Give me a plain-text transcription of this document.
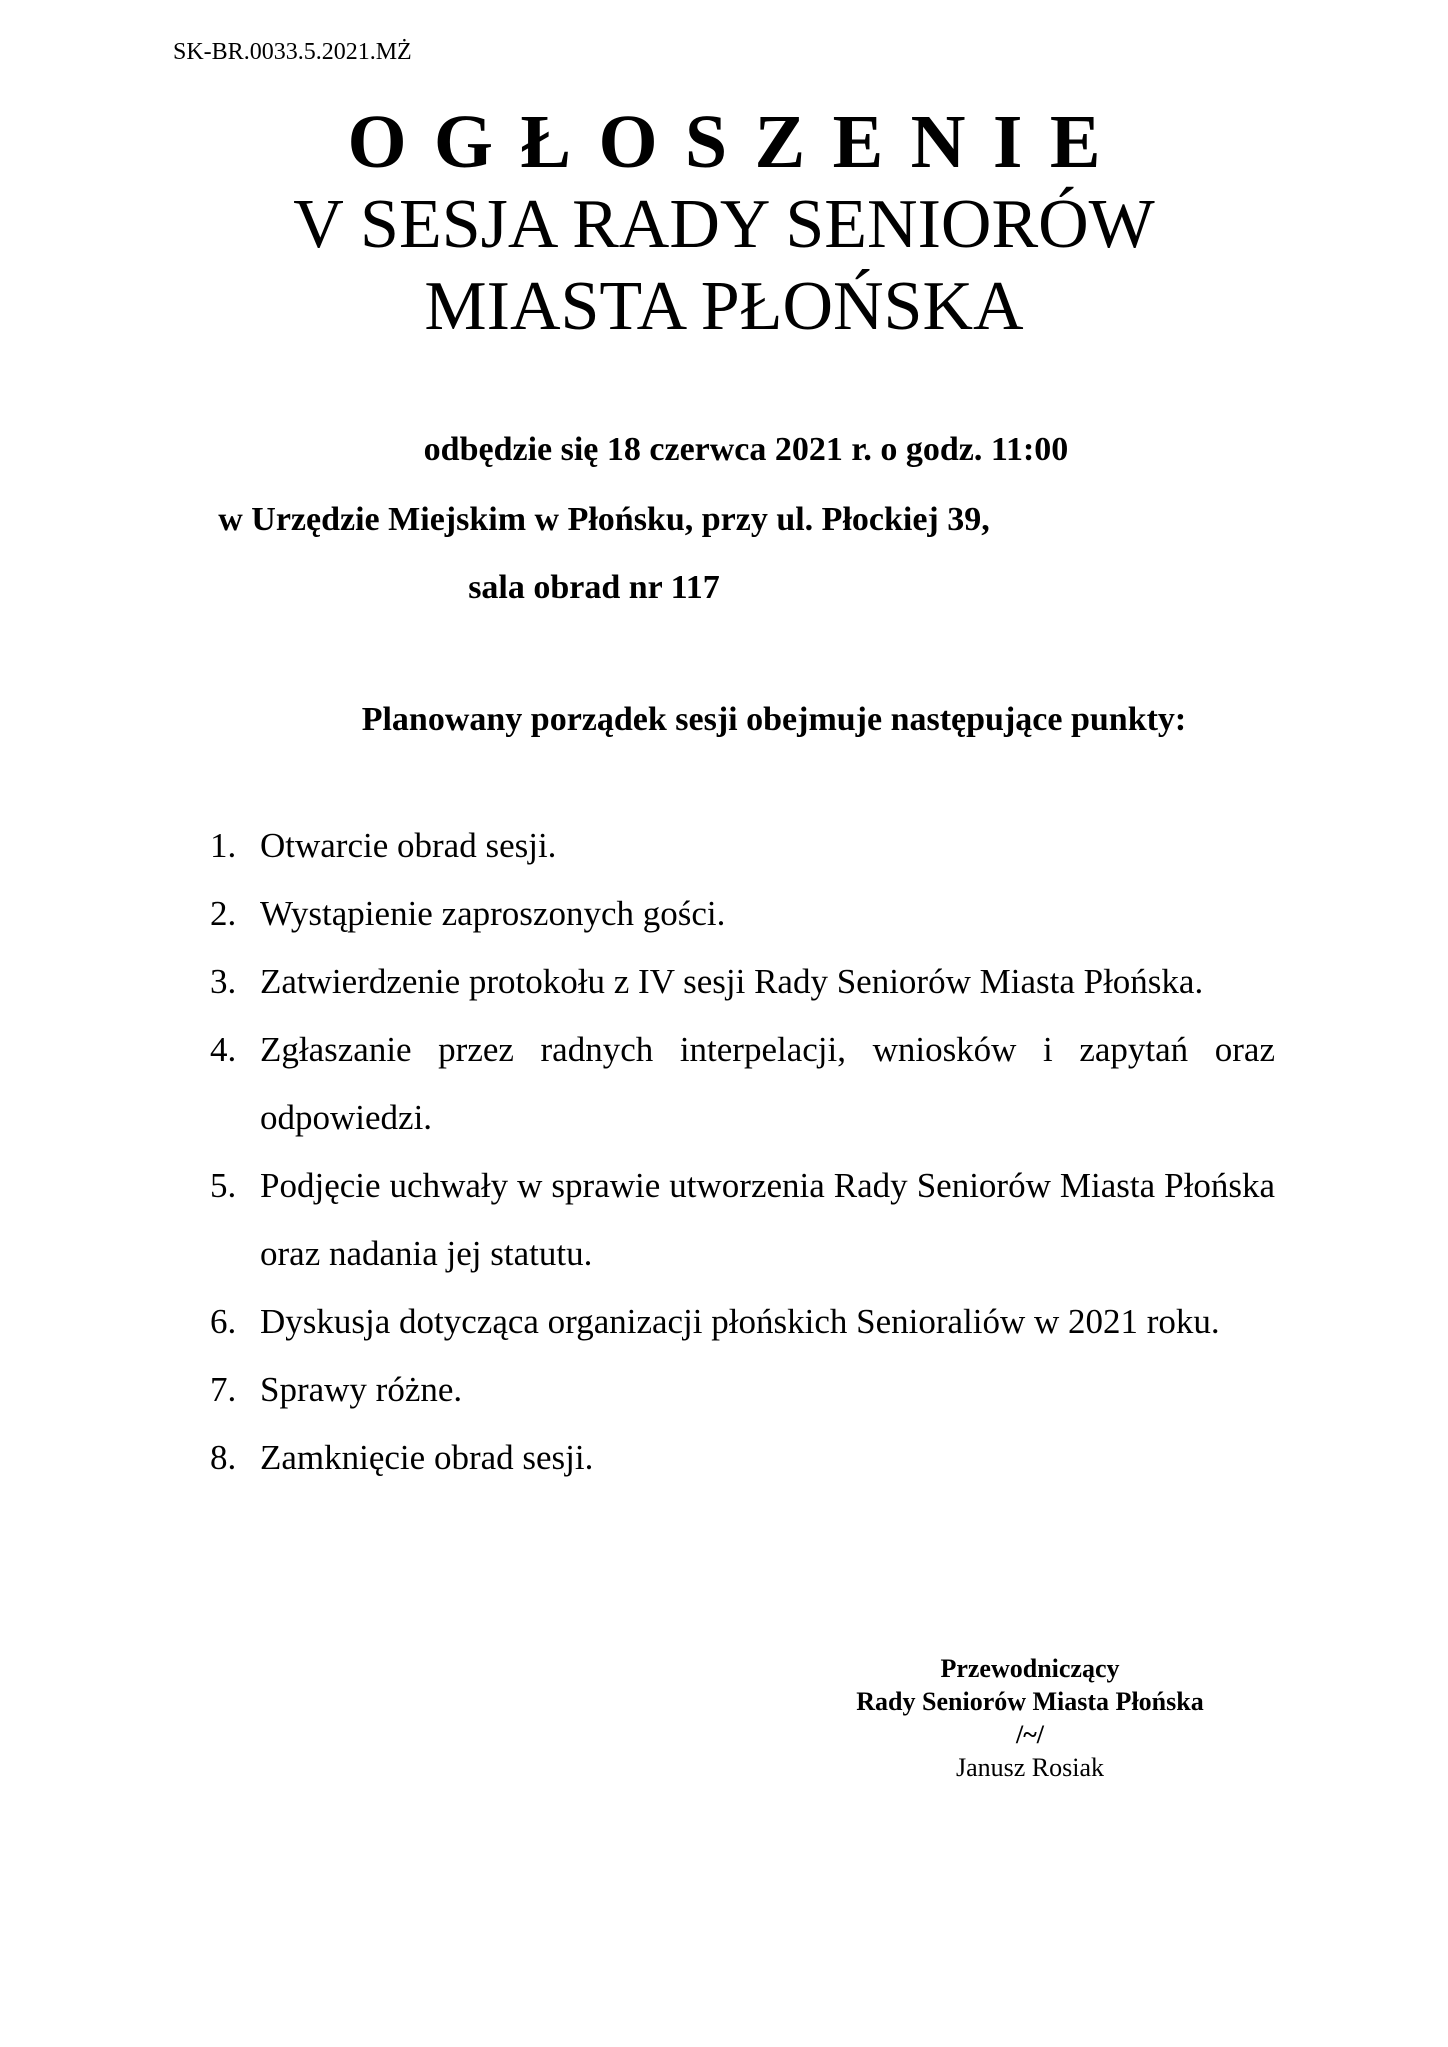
SK-BR.0033.5.2021.MŻ
OGŁOSZENIE
V SESJA RADY SENIORÓW
MIASTA PŁOŃSKA
odbędzie się 18 czerwca 2021 r. o godz. 11:00
w Urzędzie Miejskim w Płońsku, przy ul. Płockiej 39,
sala obrad nr 117
Planowany porządek sesji obejmuje następujące punkty:
1. Otwarcie obrad sesji.
2. Wystąpienie zaproszonych gości.
3. Zatwierdzenie protokołu z IV sesji Rady Seniorów Miasta Płońska.
4. Zgłaszanie przez radnych interpelacji, wniosków i zapytań oraz odpowiedzi.
5. Podjęcie uchwały w sprawie utworzenia Rady Seniorów Miasta Płońska oraz nadania jej statutu.
6. Dyskusja dotycząca organizacji płońskich Senioraliów w 2021 roku.
7. Sprawy różne.
8. Zamknięcie obrad sesji.
Przewodniczący
Rady Seniorów Miasta Płońska
/~/
Janusz Rosiak
